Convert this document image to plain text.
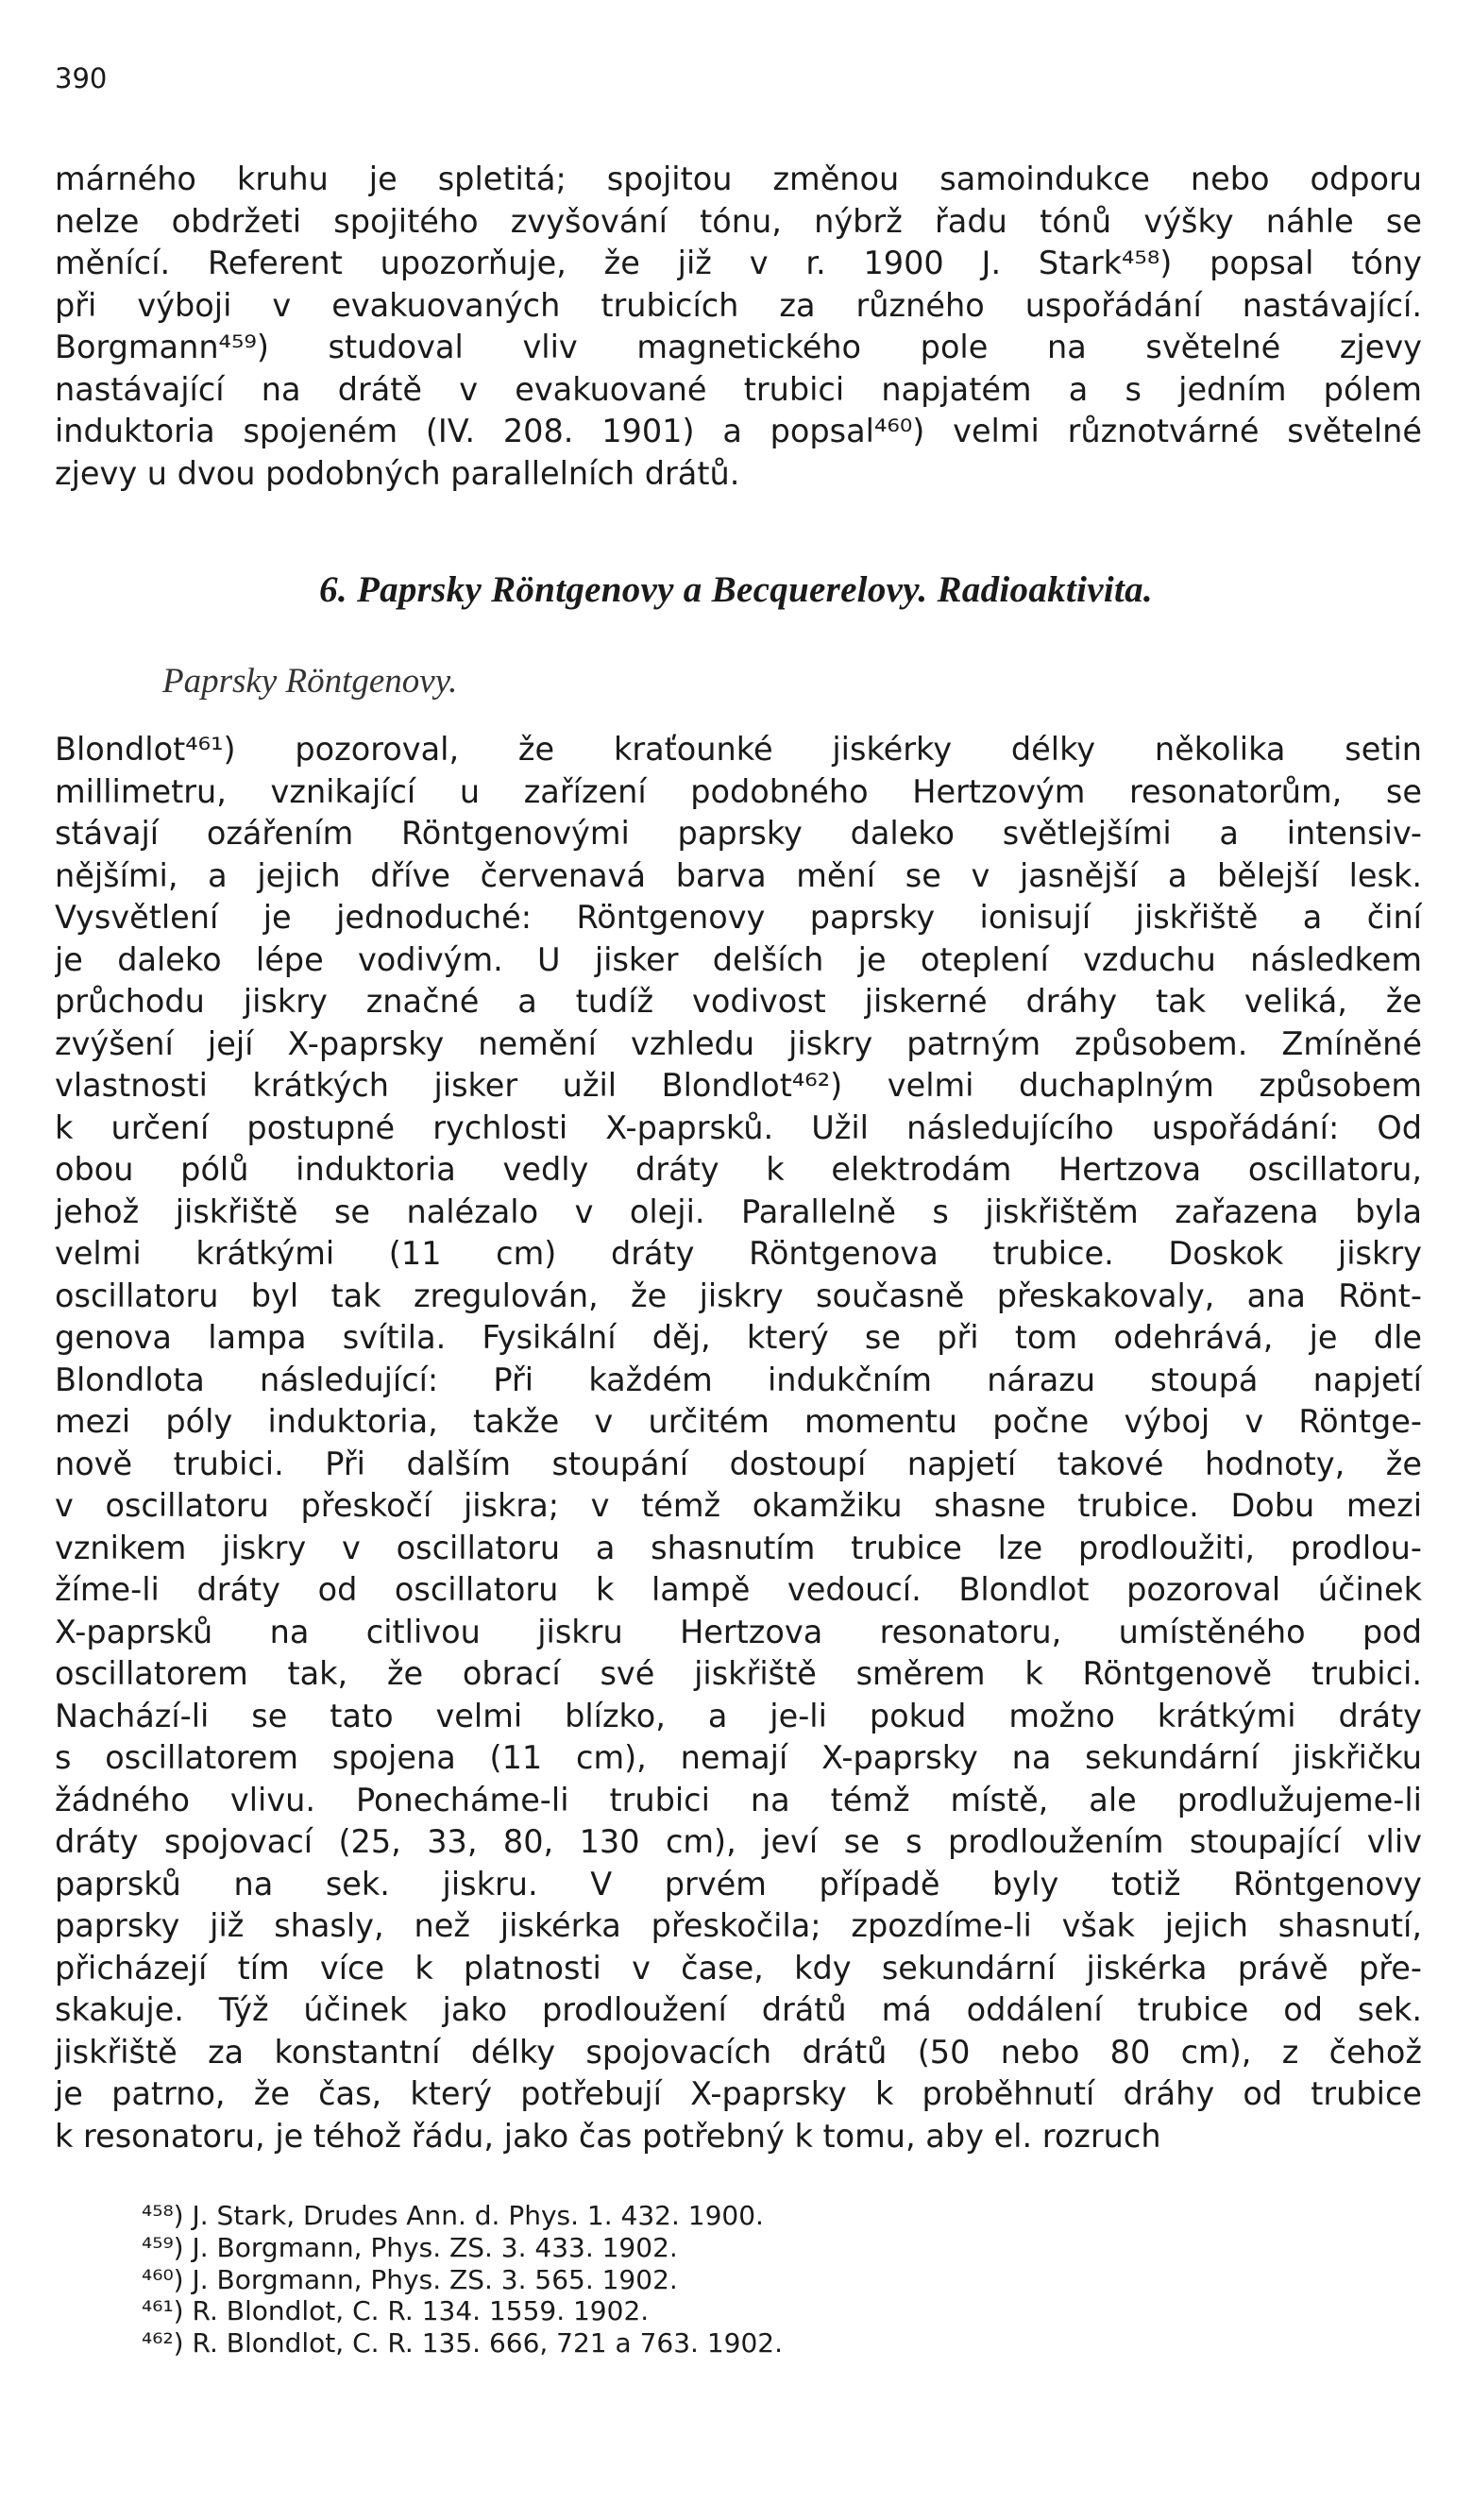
390
márného kruhu je spletitá; spojitou změnou samoindukce nebo odporu
nelze obdržeti spojitého zvyšování tónu, nýbrž řadu tónů výšky náhle se
měnící. Referent upozorňuje, že již v r. 1900 J. Stark⁴⁵⁸) popsal tóny
při výboji v evakuovaných trubicích za různého uspořádání nastávající.
Borgmann⁴⁵⁹) studoval vliv magnetického pole na světelné zjevy
nastávající na drátě v evakuované trubici napjatém a s jedním pólem
induktoria spojeném (IV. 208. 1901) a popsal⁴⁶⁰) velmi různotvárné světelné
zjevy u dvou podobných parallelních drátů.
6. Paprsky Röntgenovy a Becquerelovy. Radioaktivita.
Paprsky Röntgenovy.
Blondlot⁴⁶¹) pozoroval, že kraťounké jiskérky délky několika setin
millimetru, vznikající u zařízení podobného Hertzovým resonatorům, se
stávají ozářením Röntgenovými paprsky daleko světlejšími a intensiv-
nějšími, a jejich dříve červenavá barva mění se v jasnější a bělejší lesk.
Vysvětlení je jednoduché: Röntgenovy paprsky ionisují jiskřiště a činí
je daleko lépe vodivým. U jisker delších je oteplení vzduchu následkem
průchodu jiskry značné a tudíž vodivost jiskerné dráhy tak veliká, že
zvýšení její X-paprsky nemění vzhledu jiskry patrným způsobem. Zmíněné
vlastnosti krátkých jisker užil Blondlot⁴⁶²) velmi duchaplným způsobem
k určení postupné rychlosti X-paprsků. Užil následujícího uspořádání: Od
obou pólů induktoria vedly dráty k elektrodám Hertzova oscillatoru,
jehož jiskřiště se nalézalo v oleji. Parallelně s jiskřištěm zařazena byla
velmi krátkými (11 cm) dráty Röntgenova trubice. Doskok jiskry
oscillatoru byl tak zregulován, že jiskry současně přeskakovaly, ana Rönt-
genova lampa svítila. Fysikální děj, který se při tom odehrává, je dle
Blondlota následující: Při každém indukčním nárazu stoupá napjetí
mezi póly induktoria, takže v určitém momentu počne výboj v Röntge-
nově trubici. Při dalším stoupání dostoupí napjetí takové hodnoty, že
v oscillatoru přeskočí jiskra; v témž okamžiku shasne trubice. Dobu mezi
vznikem jiskry v oscillatoru a shasnutím trubice lze prodloužiti, prodlou-
žíme-li dráty od oscillatoru k lampě vedoucí. Blondlot pozoroval účinek
X-paprsků na citlivou jiskru Hertzova resonatoru, umístěného pod
oscillatorem tak, že obrací své jiskřiště směrem k Röntgenově trubici.
Nachází-li se tato velmi blízko, a je-li pokud možno krátkými dráty
s oscillatorem spojena (11 cm), nemají X-paprsky na sekundární jiskřičku
žádného vlivu. Ponecháme-li trubici na témž místě, ale prodlužujeme-li
dráty spojovací (25, 33, 80, 130 cm), jeví se s prodloužením stoupající vliv
paprsků na sek. jiskru. V prvém případě byly totiž Röntgenovy
paprsky již shasly, než jiskérka přeskočila; zpozdíme-li však jejich shasnutí,
přicházejí tím více k platnosti v čase, kdy sekundární jiskérka právě pře-
skakuje. Týž účinek jako prodloužení drátů má oddálení trubice od sek.
jiskřiště za konstantní délky spojovacích drátů (50 nebo 80 cm), z čehož
je patrno, že čas, který potřebují X-paprsky k proběhnutí dráhy od trubice
k resonatoru, je téhož řádu, jako čas potřebný k tomu, aby el. rozruch
⁴⁵⁸) J. Stark, Drudes Ann. d. Phys. 1. 432. 1900.
⁴⁵⁹) J. Borgmann, Phys. ZS. 3. 433. 1902.
⁴⁶⁰) J. Borgmann, Phys. ZS. 3. 565. 1902.
⁴⁶¹) R. Blondlot, C. R. 134. 1559. 1902.
⁴⁶²) R. Blondlot, C. R. 135. 666, 721 a 763. 1902.
